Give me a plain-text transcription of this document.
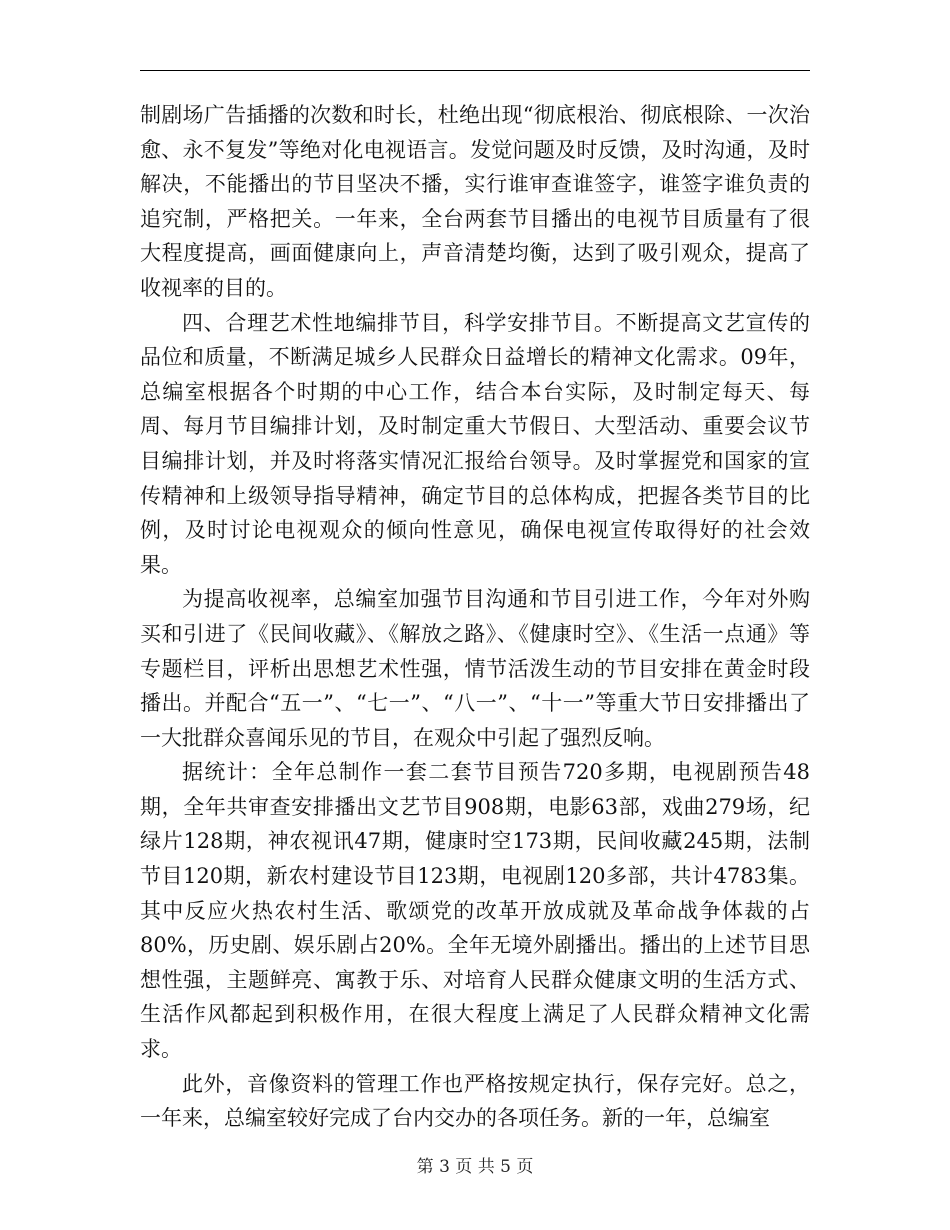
制剧场广告插播的次数和时长，杜绝出现“彻底根治、彻底根除、一次治愈、永不复发”等绝对化电视语言。发觉问题及时反馈，及时沟通，及时解决，不能播出的节目坚决不播，实行谁审查谁签字，谁签字谁负责的追究制，严格把关。一年来，全台两套节目播出的电视节目质量有了很大程度提高，画面健康向上，声音清楚均衡，达到了吸引观众，提高了收视率的目的。

四、合理艺术性地编排节目，科学安排节目。不断提高文艺宣传的品位和质量，不断满足城乡人民群众日益增长的精神文化需求。09年，总编室根据各个时期的中心工作，结合本台实际，及时制定每天、每周、每月节目编排计划，及时制定重大节假日、大型活动、重要会议节目编排计划，并及时将落实情况汇报给台领导。及时掌握党和国家的宣传精神和上级领导指导精神，确定节目的总体构成，把握各类节目的比例，及时讨论电视观众的倾向性意见，确保电视宣传取得好的社会效果。

为提高收视率，总编室加强节目沟通和节目引进工作，今年对外购买和引进了《民间收藏》、《解放之路》、《健康时空》、《生活一点通》等专题栏目，评析出思想艺术性强，情节活泼生动的节目安排在黄金时段播出。并配合“五一”、“七一”、“八一”、“十一”等重大节日安排播出了一大批群众喜闻乐见的节目，在观众中引起了强烈反响。

据统计：全年总制作一套二套节目预告720多期，电视剧预告48期，全年共审查安排播出文艺节目908期，电影63部，戏曲279场，纪绿片128期，神农视讯47期，健康时空173期，民间收藏245期，法制节目120期，新农村建设节目123期，电视剧120多部，共计4783集。其中反应火热农村生活、歌颂党的改革开放成就及革命战争体裁的占80%，历史剧、娱乐剧占20%。全年无境外剧播出。播出的上述节目思想性强，主题鲜亮、寓教于乐、对培育人民群众健康文明的生活方式、生活作风都起到积极作用，在很大程度上满足了人民群众精神文化需求。

此外，音像资料的管理工作也严格按规定执行，保存完好。总之，一年来，总编室较好完成了台内交办的各项任务。新的一年，总编室

第 3 页 共 5 页
